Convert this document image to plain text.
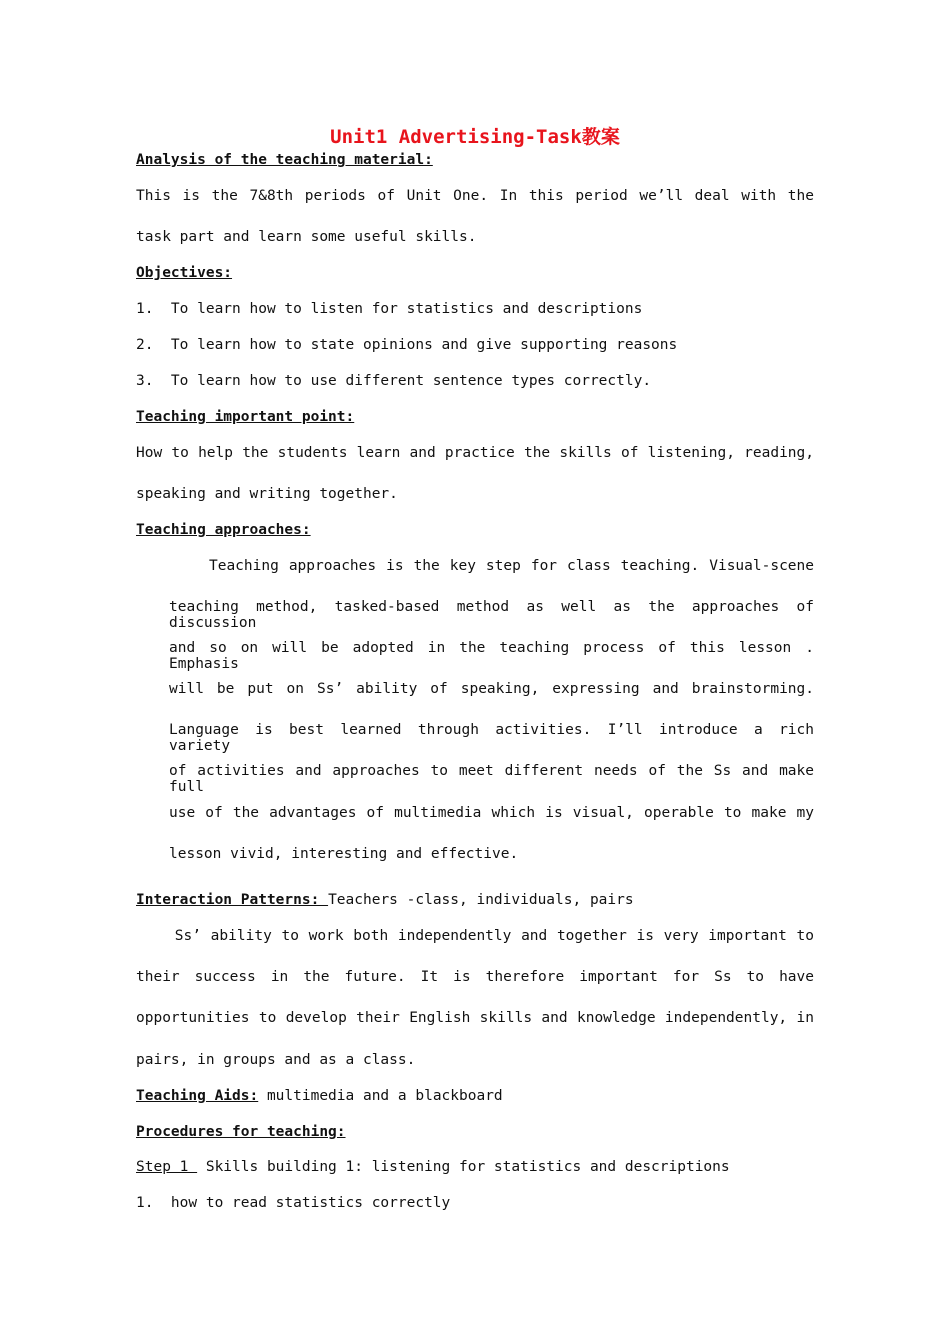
Unit1 Advertising-Task教案
Analysis of the teaching material:
This is the 7&8th periods of Unit One. In this period we’ll deal with the
task part and learn some useful skills.
Objectives:
1.  To learn how to listen for statistics and descriptions
2.  To learn how to state opinions and give supporting reasons
3.  To learn how to use different sentence types correctly.
Teaching important point:
How to help the students learn and practice the skills of listening, reading,
speaking and writing together.
Teaching approaches:
Teaching approaches is the key step for class teaching. Visual-scene
teaching method, tasked-based method as well as the approaches of discussion
and so on will be adopted in the teaching process of this lesson . Emphasis
will be put on Ss’ ability of speaking, expressing and brainstorming.
Language is best learned through activities. I’ll introduce a rich variety
of activities and approaches to meet different needs of the Ss and make full
use of the advantages of multimedia which is visual, operable to make my
lesson vivid, interesting and effective.
Interaction Patterns: Teachers -class, individuals, pairs
Ss’ ability to work both independently and together is very important to
their success in the future. It is therefore important for Ss to have
opportunities to develop their English skills and knowledge independently, in
pairs, in groups and as a class.
Teaching Aids: multimedia and a blackboard
Procedures for teaching:
Step 1  Skills building 1: listening for statistics and descriptions
1.  how to read statistics correctly
